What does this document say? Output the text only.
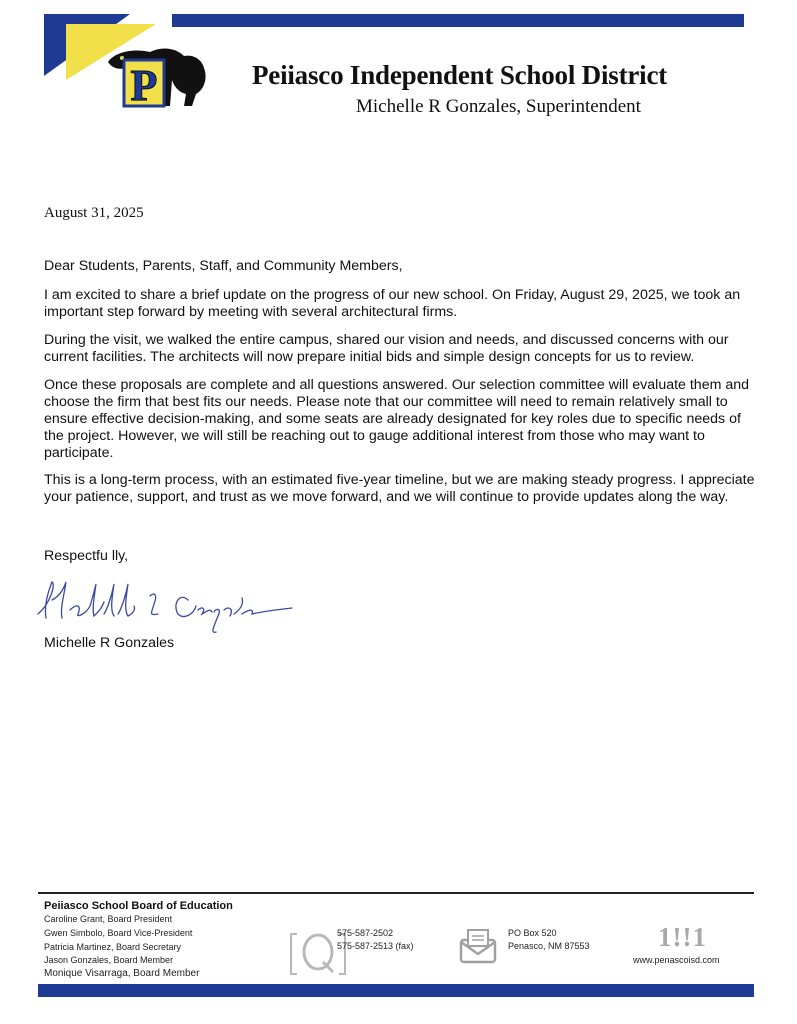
P	Peiiasco Independent School District
Michelle R Gonzales, Superintendent
August 31, 2025
Dear Students, Parents, Staff, and Community Members,

I am excited to share a brief update on the progress of our new school. On Friday, August 29, 2025, we took an important step forward by meeting with several architectural firms.

During the visit, we walked the entire campus, shared our vision and needs, and discussed concerns with our current facilities. The architects will now prepare initial bids and simple design concepts for us to review.

Once these proposals are complete and all questions answered. Our selection committee will evaluate them and choose the firm that best fits our needs. Please note that our committee will need to remain relatively small to ensure effective decision-making, and some seats are already designated for key roles due to specific needs of the project. However, we will still be reaching out to gauge additional interest from those who may want to participate.

This is a long-term process, with an estimated five-year timeline, but we are making steady progress. I appreciate your patience, support, and trust as we move forward, and we will continue to provide updates along the way.

Respectfu lly,
Michelle R Gonzales Michelle R Gonzales
Peiiasco School Board of Education
Caroline Grant, Board President
Gwen Simbolo, Board Vice-President
Patricia Martinez, Board Secretary
Jason Gonzales, Board Member
Monique Visarraga, Board Member
575-587-2502
575-587-2513 (fax)
PO Box 520
Penasco, NM 87553	1!!1
www.penascoisd.com
